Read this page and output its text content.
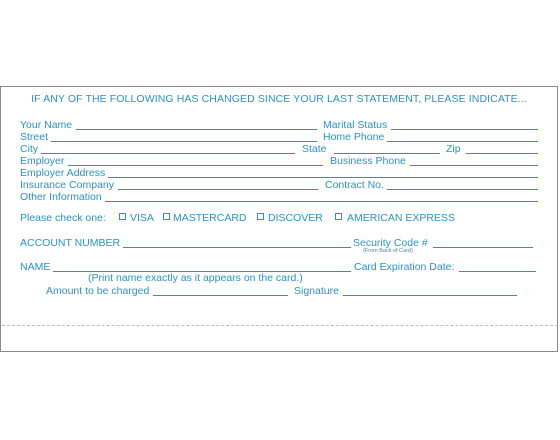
IF ANY OF THE FOLLOWING HAS CHANGED SINCE YOUR LAST STATEMENT, PLEASE INDICATE...
Your Name	Marital Status
Street	Home Phone
City	State	Zip
Employer	Business Phone
Employer Address
Insurance Company	Contract No.
Other Information
Please check one: VISA MASTERCARD DISCOVER AMERICAN EXPRESS
ACCOUNT NUMBER	Security Code #
(From Back of Card)
NAME	Card Expiration Date:
(Print name exactly as it appears on the card.)
Amount to be charged	Signature
